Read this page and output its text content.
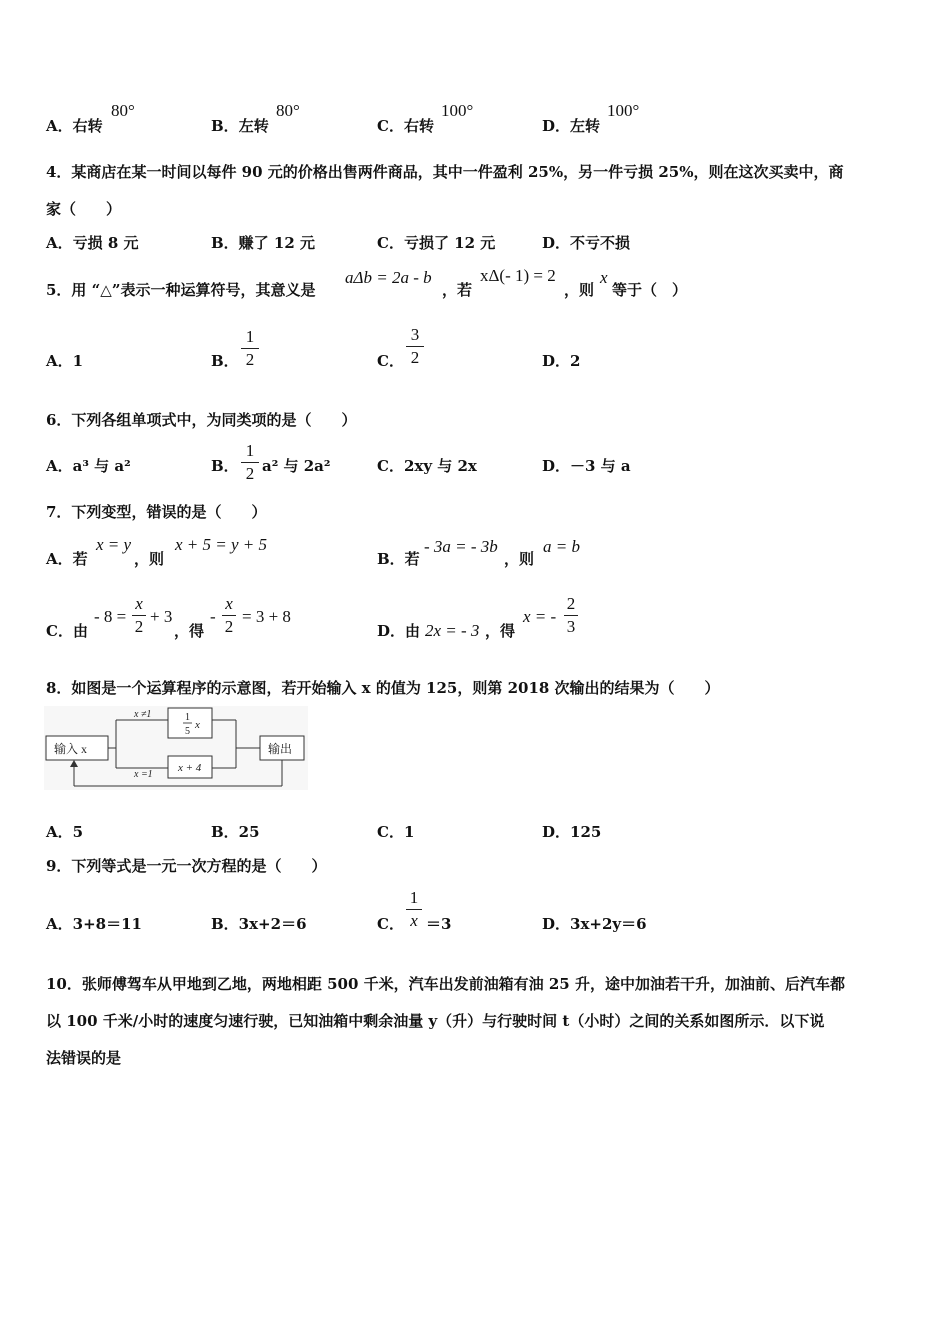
A．右转
80°
B．左转
80°
C．右转
100°
D．左转
100°
4．某商店在某一时间以每件 90 元的价格出售两件商品，其中一件盈利 25%，另一件亏损 25%，则在这次买卖中，商
家（　　）
A．亏损 8 元	B．赚了 12 元	C．亏损了 12 元	D．不亏不损
5．用 “△”表示一种运算符号，其意义是
aΔb = 2a - b
，若
xΔ(- 1) = 2
，则
x
等于（　）
A．1	B．
1
2	C．
3
2	D．2
6．下列各组单项式中，为同类项的是（　　）
A．a³ 与 a²	B．
1
2 a² 与 2a²	C．2xy 与 2x	D．－3 与 a
7．下列变型，错误的是（　　）
A．若
x = y
，则
x + 5 = y + 5
B．若
- 3a = - 3b
，则
a = b
C．由
- 8 =
x
2
+ 3
，得
-
x
2
= 3 + 8
D．由 2x = - 3 ，得
x = -
2
3
8．如图是一个运算程序的示意图，若开始输入 x 的值为 125，则第 2018 次输出的结果为（　　）
输入 x	输出
1
5
x
x + 4
x ≠1
x =1
A．5	B．25	C．1	D．125
9．下列等式是一元一次方程的是（　　）
A．3+8＝11	B．3x+2＝6	C．
1
x ＝3	D．3x+2y＝6
10．张师傅驾车从甲地到乙地，两地相距 500 千米，汽车出发前油箱有油 25 升，途中加油若干升，加油前、后汽车都
以 100 千米/小时的速度匀速行驶，已知油箱中剩余油量 y（升）与行驶时间 t（小时）之间的关系如图所示．以下说
法错误的是
